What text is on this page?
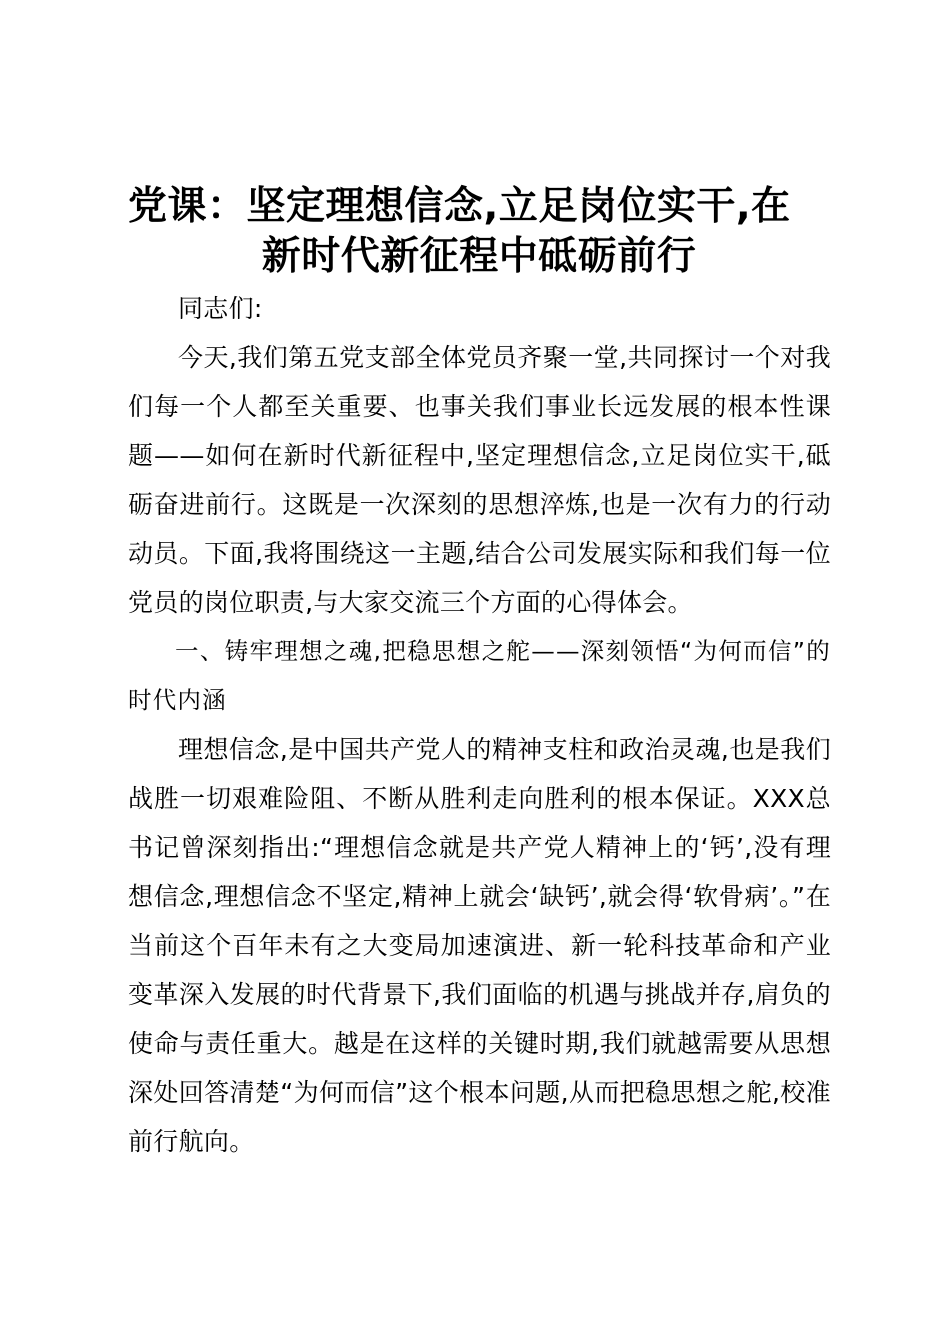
党课：坚定理想信念,立足岗位实干,在
新时代新征程中砥砺前行

同志们:

今天,我们第五党支部全体党员齐聚一堂,共同探讨一个对我们每一个人都至关重要、也事关我们事业长远发展的根本性课题——如何在新时代新征程中,坚定理想信念,立足岗位实干,砥砺奋进前行。这既是一次深刻的思想淬炼,也是一次有力的行动动员。下面,我将围绕这一主题,结合公司发展实际和我们每一位党员的岗位职责,与大家交流三个方面的心得体会。

一、铸牢理想之魂,把稳思想之舵——深刻领悟“为何而信”的时代内涵

理想信念,是中国共产党人的精神支柱和政治灵魂,也是我们战胜一切艰难险阻、不断从胜利走向胜利的根本保证。XXX总书记曾深刻指出:“理想信念就是共产党人精神上的‘钙’,没有理想信念,理想信念不坚定,精神上就会‘缺钙’,就会得‘软骨病’。”在当前这个百年未有之大变局加速演进、新一轮科技革命和产业变革深入发展的时代背景下,我们面临的机遇与挑战并存,肩负的使命与责任重大。越是在这样的关键时期,我们就越需要从思想深处回答清楚“为何而信”这个根本问题,从而把稳思想之舵,校准前行航向。
